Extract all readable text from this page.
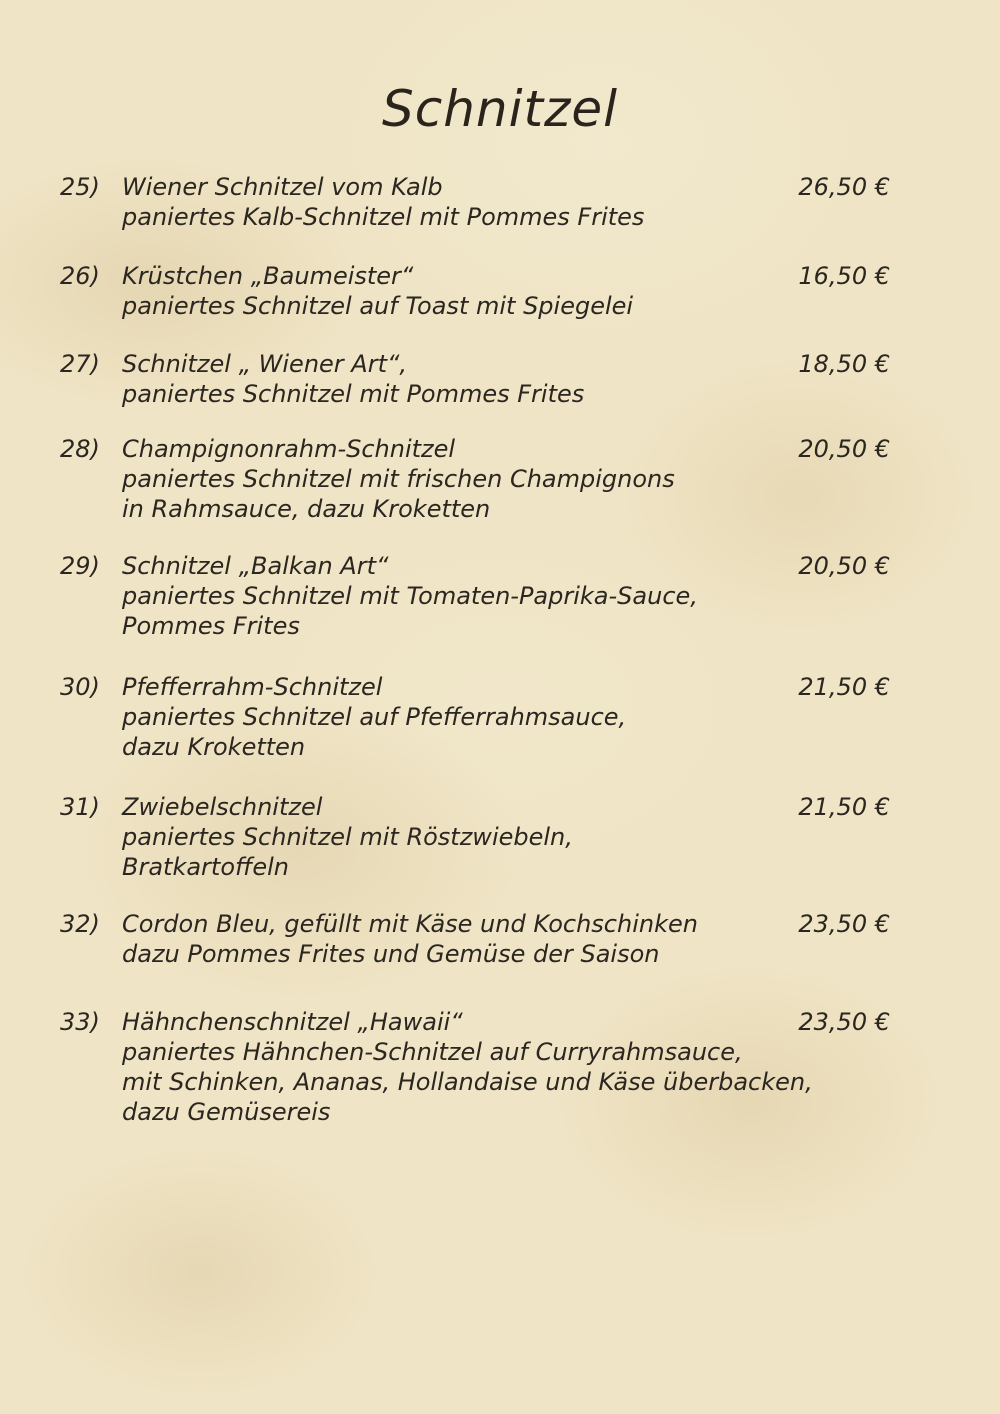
Schnitzel
25) Wiener Schnitzel vom Kalb	26,50 €
paniertes Kalb-Schnitzel mit Pommes Frites
26) Krüstchen „Baumeister“	16,50 €
paniertes Schnitzel auf Toast mit Spiegelei
27) Schnitzel „ Wiener Art“,	18,50 €
paniertes Schnitzel mit Pommes Frites
28) Champignonrahm-Schnitzel	20,50 €
paniertes Schnitzel mit frischen Champignons
in Rahmsauce, dazu Kroketten
29) Schnitzel „Balkan Art“	20,50 €
paniertes Schnitzel mit Tomaten-Paprika-Sauce,
Pommes Frites
30) Pfefferrahm-Schnitzel	21,50 €
paniertes Schnitzel auf Pfefferrahmsauce,
dazu Kroketten
31) Zwiebelschnitzel	21,50 €
paniertes Schnitzel mit Röstzwiebeln,
Bratkartoffeln
32) Cordon Bleu, gefüllt mit Käse und Kochschinken	23,50 €
dazu Pommes Frites und Gemüse der Saison
33) Hähnchenschnitzel „Hawaii“	23,50 €
paniertes Hähnchen-Schnitzel auf Curryrahmsauce,
mit Schinken, Ananas, Hollandaise und Käse überbacken,
dazu Gemüsereis
